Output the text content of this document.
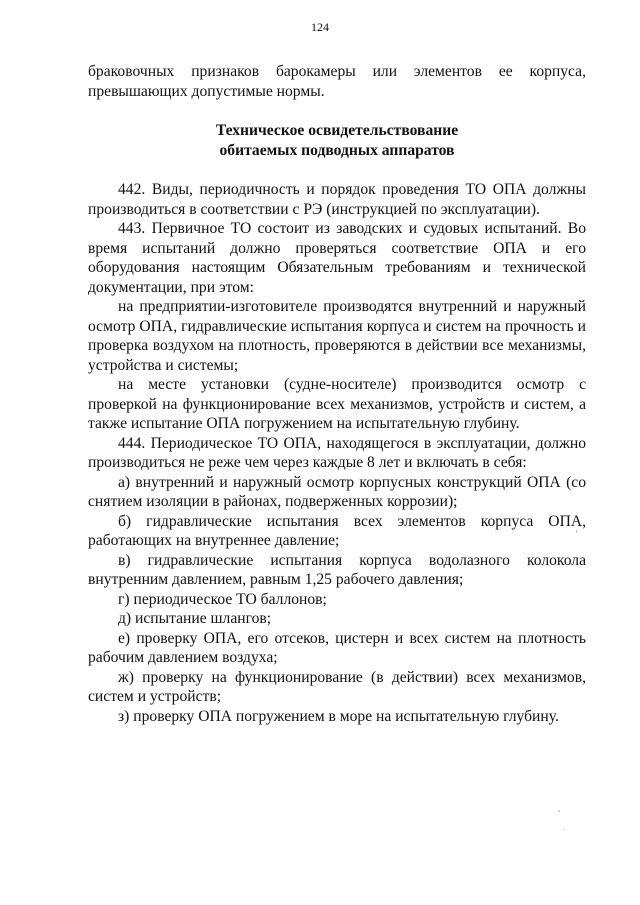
124

браковочных признаков барокамеры или элементов ее корпуса, превышающих допустимые нормы.

Техническое освидетельствование

обитаемых подводных аппаратов

442. Виды, периодичность и порядок проведения ТО ОПА должны производиться в соответствии с РЭ (инструкцией по эксплуатации).

443. Первичное ТО состоит из заводских и судовых испытаний. Во время испытаний должно проверяться соответствие ОПА и его оборудования настоящим Обязательным требованиям и технической документации, при этом:

на предприятии-изготовителе производятся внутренний и наружный осмотр ОПА, гидравлические испытания корпуса и систем на прочность и проверка воздухом на плотность, проверяются в действии все механизмы, устройства и системы;

на месте установки (судне-носителе) производится осмотр с проверкой на функционирование всех механизмов, устройств и систем, а также испытание ОПА погружением на испытательную глубину.

444. Периодическое ТО ОПА, находящегося в эксплуатации, должно производиться не реже чем через каждые 8 лет и включать в себя:

а) внутренний и наружный осмотр корпусных конструкций ОПА (со снятием изоляции в районах, подверженных коррозии);

б) гидравлические испытания всех элементов корпуса ОПА, работающих на внутреннее давление;

в) гидравлические испытания корпуса водолазного колокола внутренним давлением, равным 1,25 рабочего давления;

г) периодическое ТО баллонов;

д) испытание шлангов;

е) проверку ОПА, его отсеков, цистерн и всех систем на плотность рабочим давлением воздуха;

ж) проверку на функционирование (в действии) всех механизмов, систем и устройств;

з) проверку ОПА погружением в море на испытательную глубину.

ʼ
ˋ
·
